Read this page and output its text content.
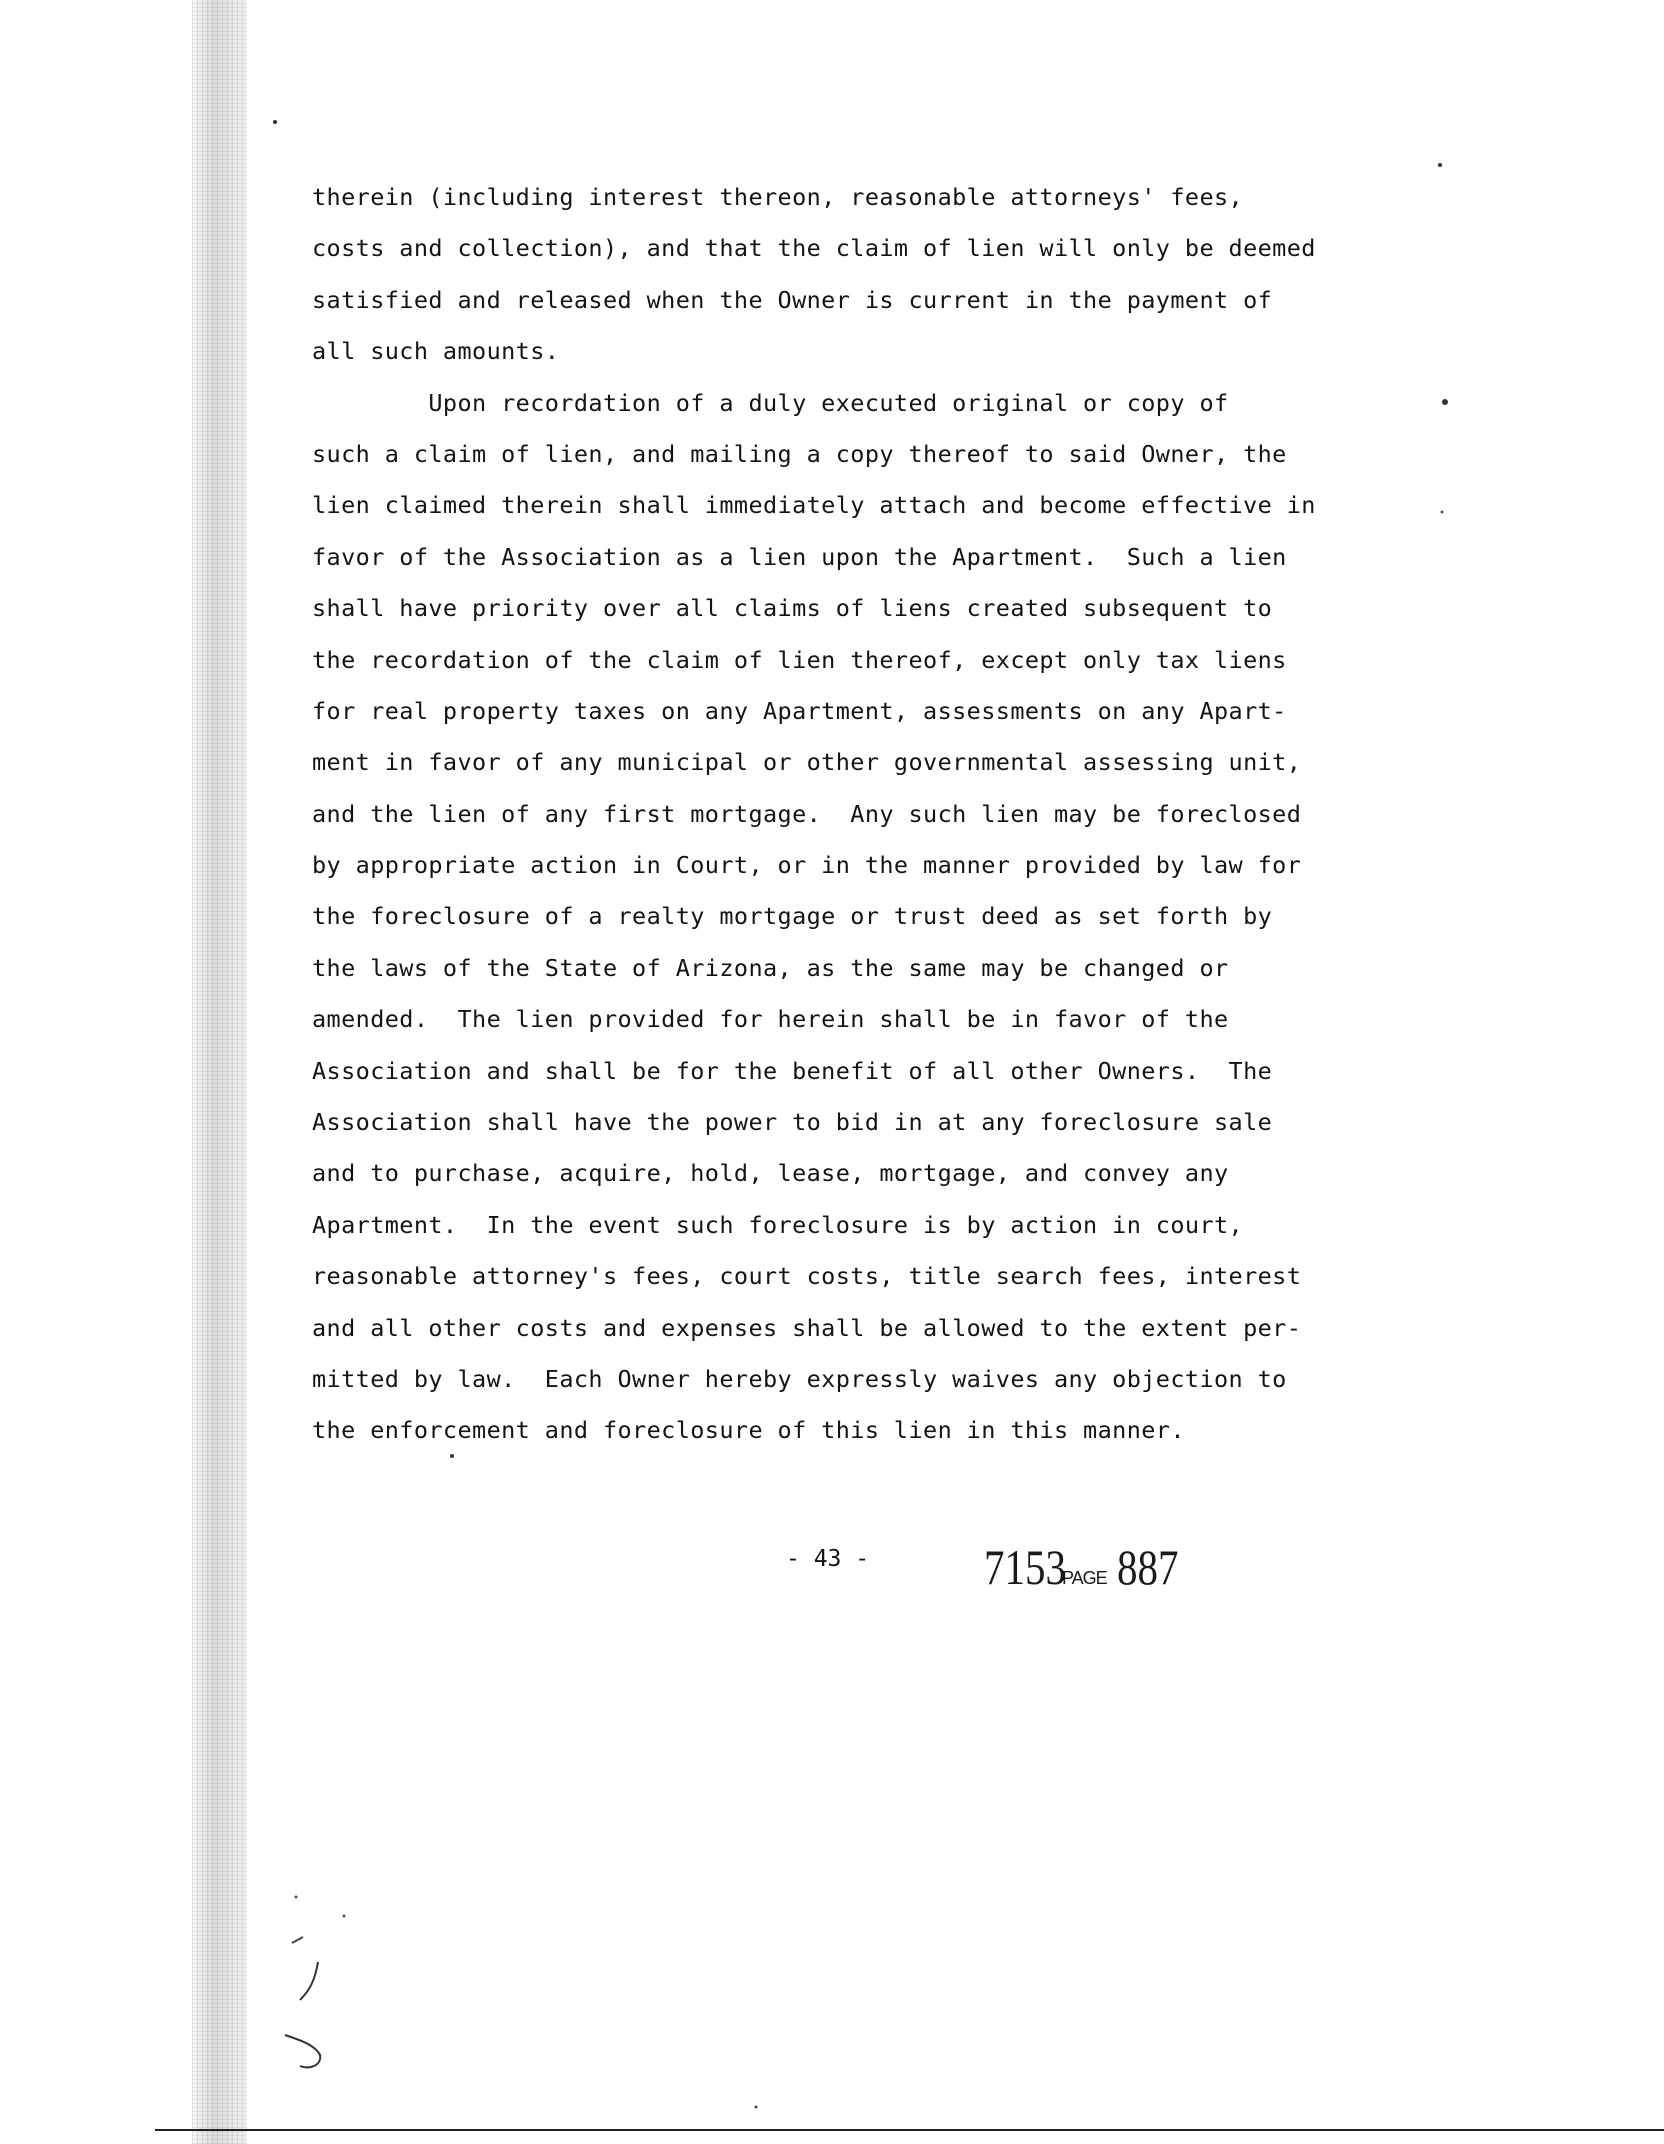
therein (including interest thereon, reasonable attorneys' fees,
costs and collection), and that the claim of lien will only be deemed
satisfied and released when the Owner is current in the payment of
all such amounts.
Upon recordation of a duly executed original or copy of
such a claim of lien, and mailing a copy thereof to said Owner, the
lien claimed therein shall immediately attach and become effective in
favor of the Association as a lien upon the Apartment.  Such a lien
shall have priority over all claims of liens created subsequent to
the recordation of the claim of lien thereof, except only tax liens
for real property taxes on any Apartment, assessments on any Apart-
ment in favor of any municipal or other governmental assessing unit,
and the lien of any first mortgage.  Any such lien may be foreclosed
by appropriate action in Court, or in the manner provided by law for
the foreclosure of a realty mortgage or trust deed as set forth by
the laws of the State of Arizona, as the same may be changed or
amended.  The lien provided for herein shall be in favor of the
Association and shall be for the benefit of all other Owners.  The
Association shall have the power to bid in at any foreclosure sale
and to purchase, acquire, hold, lease, mortgage, and convey any
Apartment.  In the event such foreclosure is by action in court,
reasonable attorney's fees, court costs, title search fees, interest
and all other costs and expenses shall be allowed to the extent per-
mitted by law.  Each Owner hereby expressly waives any objection to
the enforcement and foreclosure of this lien in this manner.
- 43 - 7153PAGE 887
